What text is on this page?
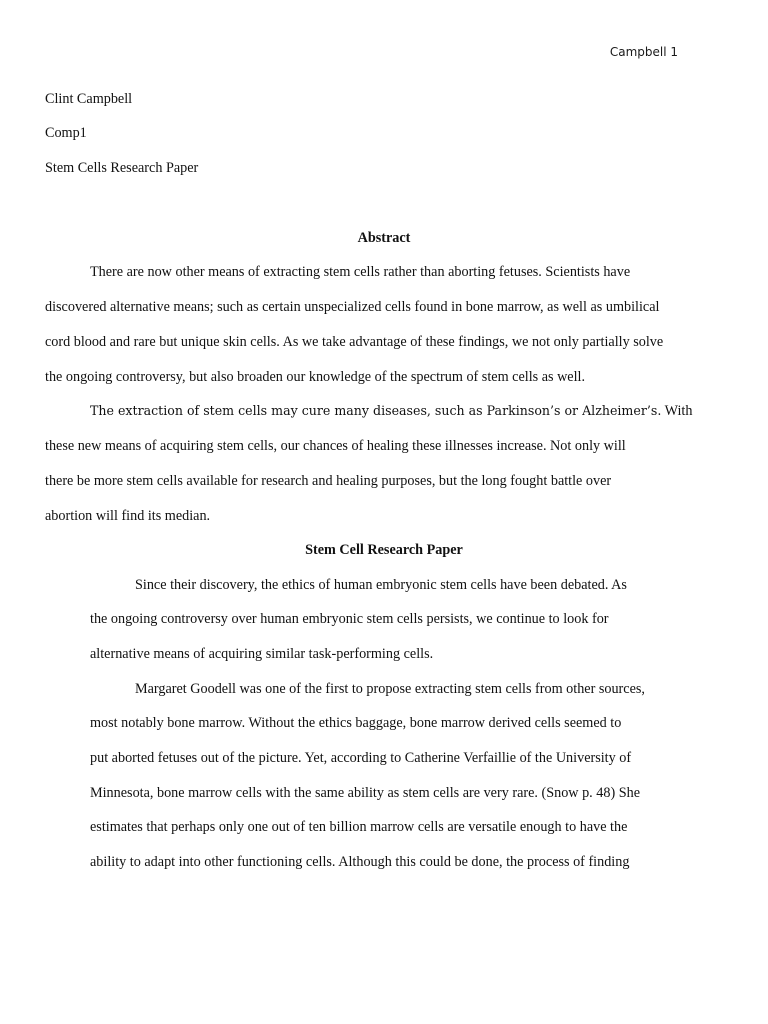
Campbell 1
Clint Campbell
Comp1
Stem Cells Research Paper
Abstract
There are now other means of extracting stem cells rather than aborting fetuses. Scientists have
discovered alternative means; such as certain unspecialized cells found in bone marrow, as well as umbilical
cord blood and rare but unique skin cells. As we take advantage of these findings, we not only partially solve
the ongoing controversy, but also broaden our knowledge of the spectrum of stem cells as well.
The extraction of stem cells may cure many diseases, such as Parkinson’s or Alzheimer’s. With
these new means of acquiring stem cells, our chances of healing these illnesses increase. Not only will
there be more stem cells available for research and healing purposes, but the long fought battle over
abortion will find its median.
Stem Cell Research Paper
Since their discovery, the ethics of human embryonic stem cells have been debated. As
the ongoing controversy over human embryonic stem cells persists, we continue to look for
alternative means of acquiring similar task-performing cells.
Margaret Goodell was one of the first to propose extracting stem cells from other sources,
most notably bone marrow. Without the ethics baggage, bone marrow derived cells seemed to
put aborted fetuses out of the picture. Yet, according to Catherine Verfaillie of the University of
Minnesota, bone marrow cells with the same ability as stem cells are very rare. (Snow p. 48) She
estimates that perhaps only one out of ten billion marrow cells are versatile enough to have the
ability to adapt into other functioning cells. Although this could be done, the process of finding
